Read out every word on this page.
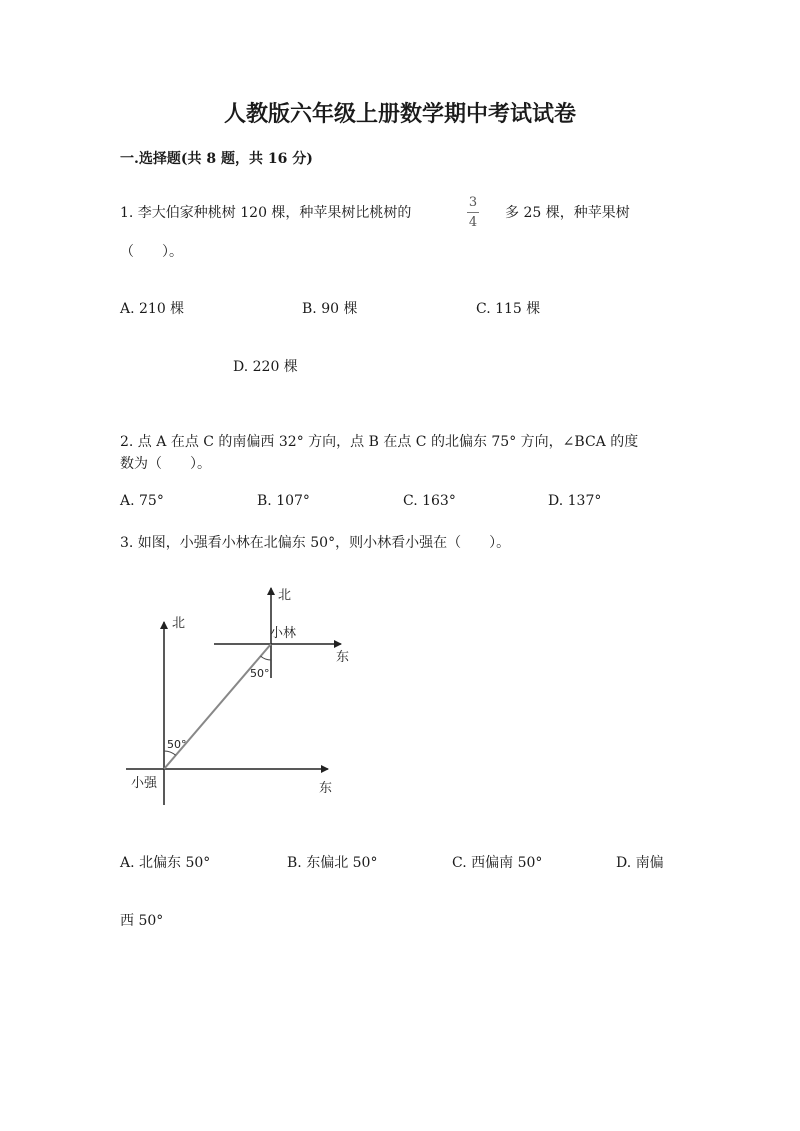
人教版六年级上册数学期中考试试卷
一.选择题(共 8 题，共 16 分)
1. 李大伯家种桃树 120 棵，种苹果树比桃树的
3
4
多 25 棵，种苹果树
（　　）。
A. 210 棵	B. 90 棵	C. 115 棵
D. 220 棵
2. 点 A 在点 C 的南偏西 32° 方向，点 B 在点 C 的北偏东 75° 方向，∠BCA 的度
数为（　　）。
A. 75°	B. 107°	C. 163°	D. 137°
3. 如图，小强看小林在北偏东 50°，则小林看小强在（　　）。
北
北
东
东
小林
小强
50°
50°
A. 北偏东 50°	B. 东偏北 50°	C. 西偏南 50°	D. 南偏
西 50°
